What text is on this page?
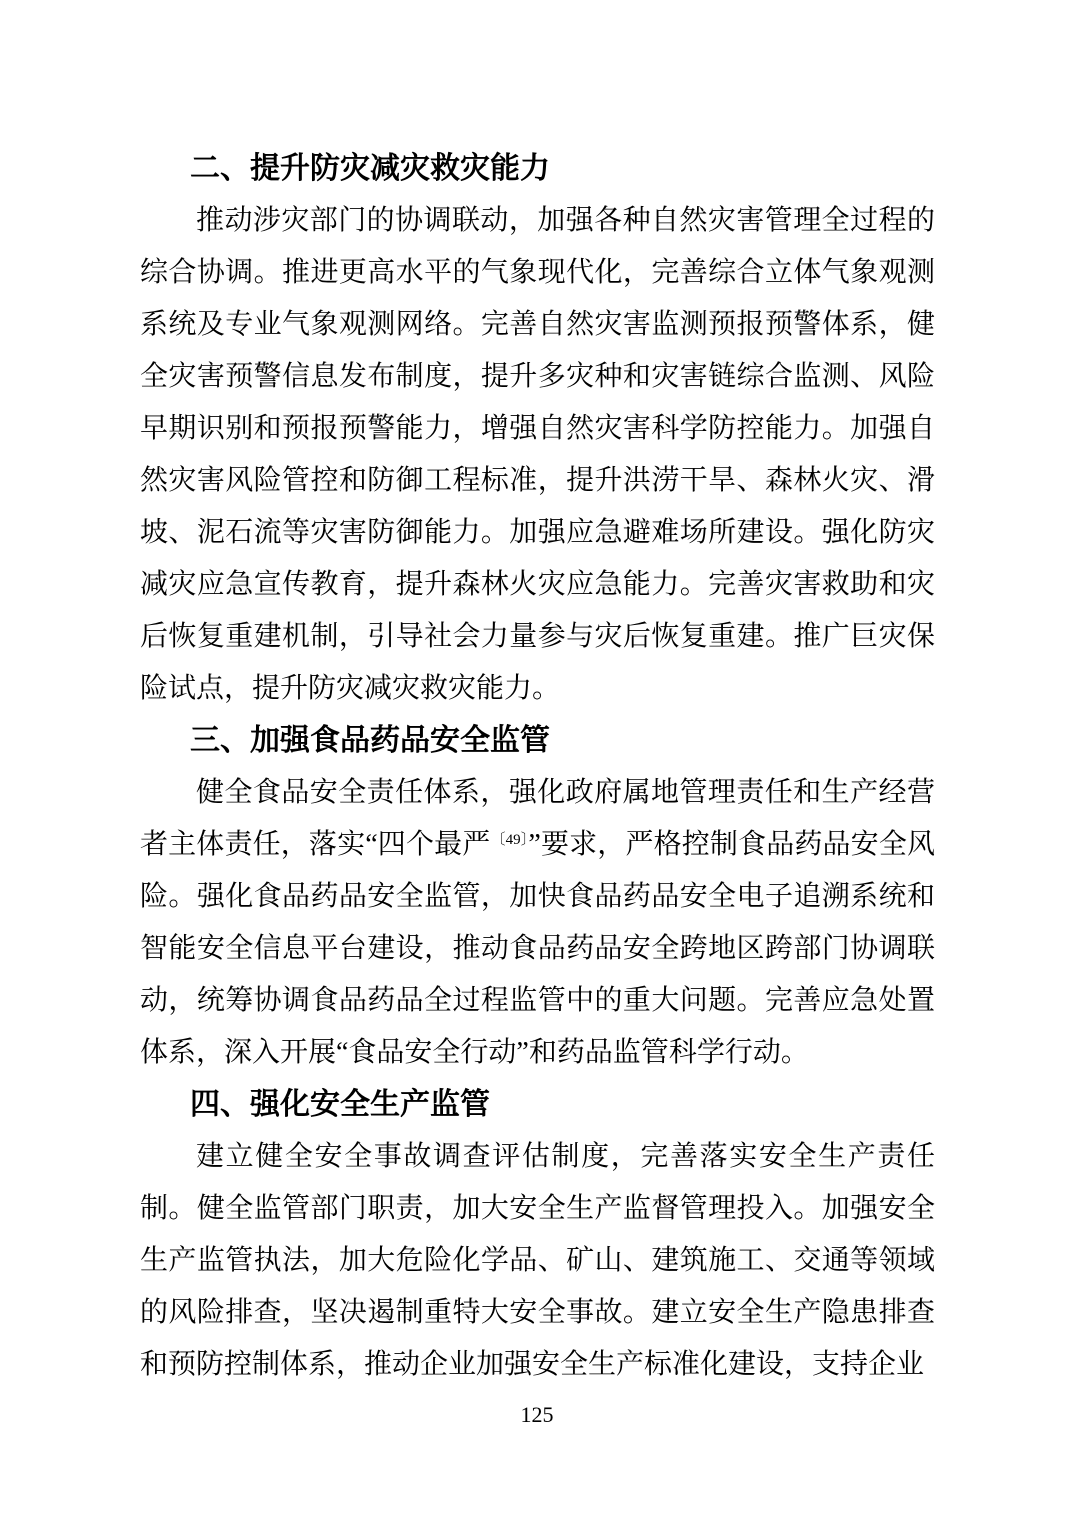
二、提升防灾减灾救灾能力

推动涉灾部门的协调联动，加强各种自然灾害管理全过程的综合协调。推进更高水平的气象现代化，完善综合立体气象观测系统及专业气象观测网络。完善自然灾害监测预报预警体系，健全灾害预警信息发布制度，提升多灾种和灾害链综合监测、风险早期识别和预报预警能力，增强自然灾害科学防控能力。加强自然灾害风险管控和防御工程标准，提升洪涝干旱、森林火灾、滑坡、泥石流等灾害防御能力。加强应急避难场所建设。强化防灾减灾应急宣传教育，提升森林火灾应急能力。完善灾害救助和灾后恢复重建机制，引导社会力量参与灾后恢复重建。推广巨灾保险试点，提升防灾减灾救灾能力。

三、加强食品药品安全监管

健全食品安全责任体系，强化政府属地管理责任和生产经营者主体责任，落实“四个最严$^{〔49〕}$”要求，严格控制食品药品安全风险。强化食品药品安全监管，加快食品药品安全电子追溯系统和智能安全信息平台建设，推动食品药品安全跨地区跨部门协调联动，统筹协调食品药品全过程监管中的重大问题。完善应急处置体系，深入开展“食品安全行动”和药品监管科学行动。

四、强化安全生产监管

建立健全安全事故调查评估制度，完善落实安全生产责任制。健全监管部门职责，加大安全生产监督管理投入。加强安全生产监管执法，加大危险化学品、矿山、建筑施工、交通等领域的风险排查，坚决遏制重特大安全事故。建立安全生产隐患排查和预防控制体系，推动企业加强安全生产标准化建设，支持企业

125
